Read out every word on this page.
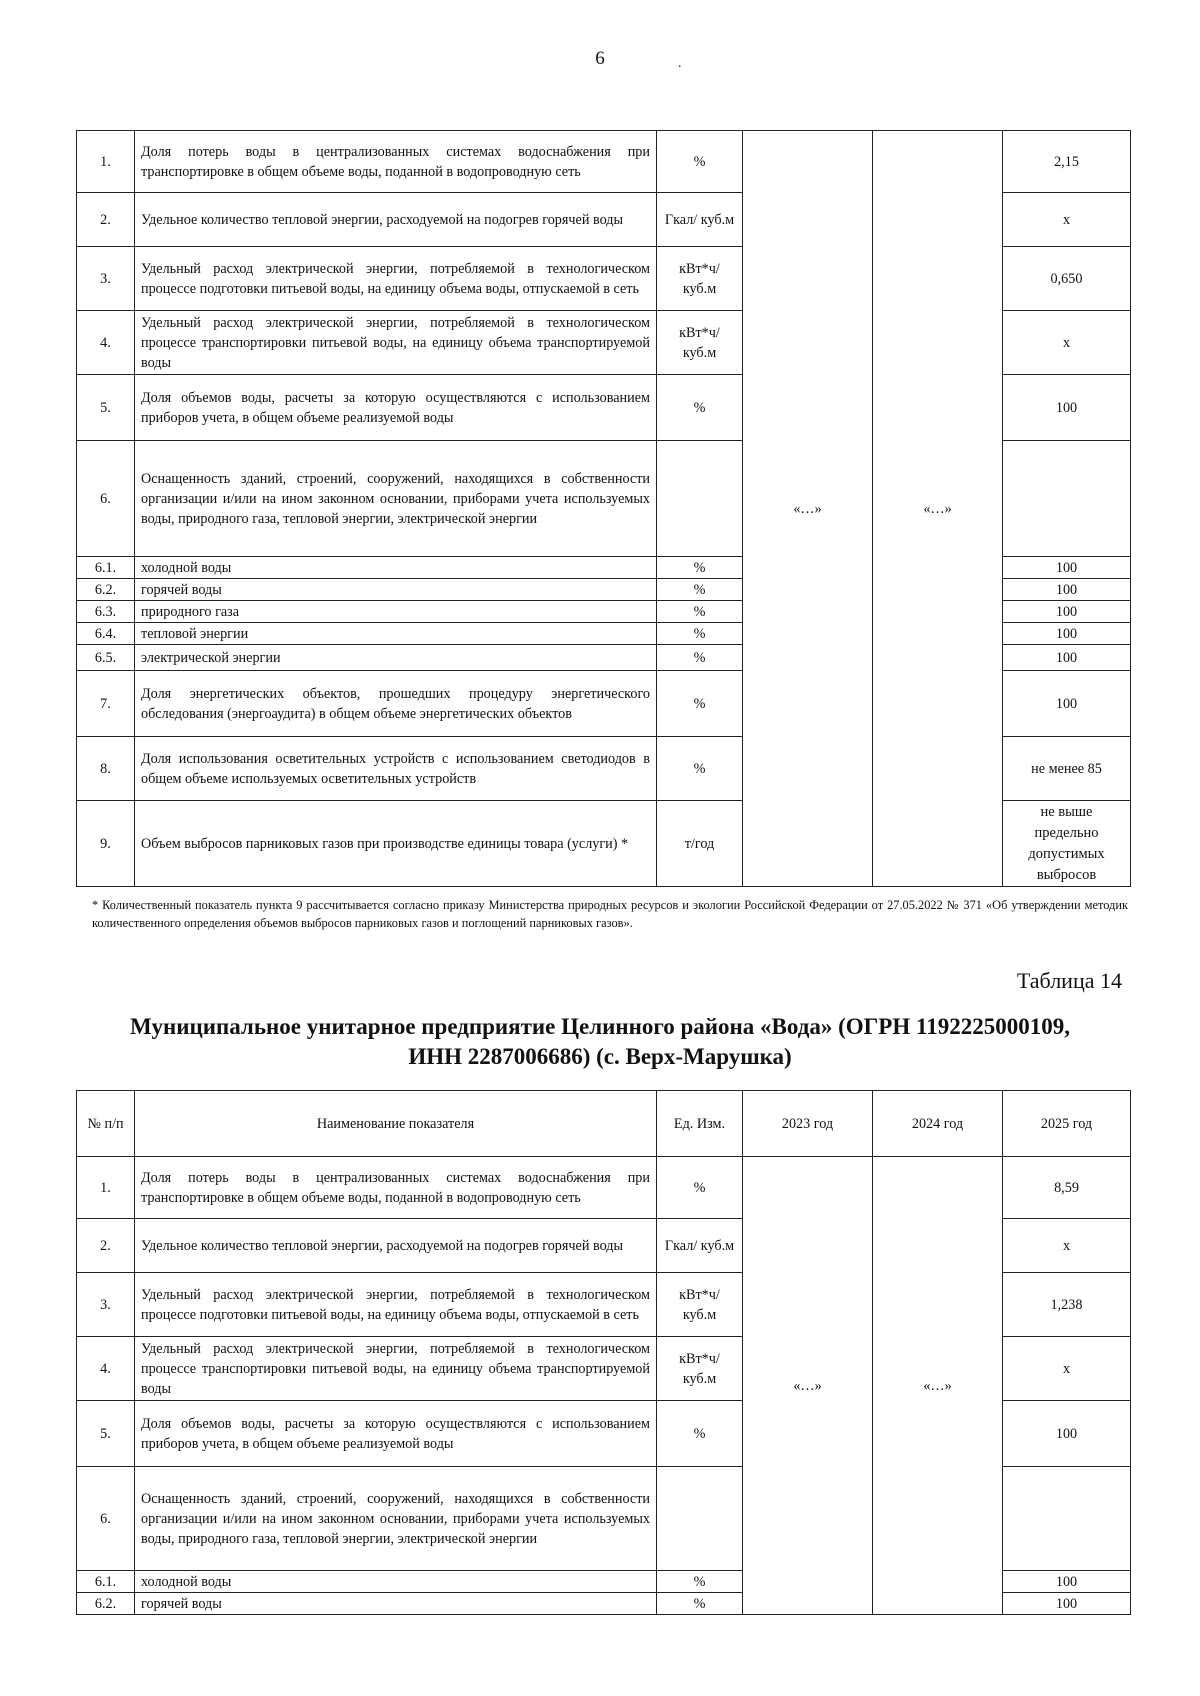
6	.
1.	Доля потерь воды в централизованных системах водоснабжения при транспортировке в общем объеме воды, поданной в водопроводную сеть	%	«…»	«…»	2,15
2.	Удельное количество тепловой энергии, расходуемой на подогрев горячей воды	Гкал/ куб.м			х
3.	Удельный расход электрической энергии, потребляемой в технологическом процессе подготовки питьевой воды, на единицу объема воды, отпускаемой в сеть	кВт*ч/ куб.м			0,650
4.	Удельный расход электрической энергии, потребляемой в технологическом процессе транспортировки питьевой воды, на единицу объема транспортируемой воды	кВт*ч/ куб.м			х
5.	Доля объемов воды, расчеты за которую осуществляются с использованием приборов учета, в общем объеме реализуемой воды	%			100
6.	Оснащенность зданий, строений, сооружений, находящихся в собственности организации и/или на ином законном основании, приборами учета используемых воды, природного газа, тепловой энергии, электрической энергии				
6.1.	холодной воды	%			100
6.2.	горячей воды	%			100
6.3.	природного газа	%			100
6.4.	тепловой энергии	%			100
6.5.	электрической энергии	%			100
7.	Доля энергетических объектов, прошедших процедуру энергетического обследования (энергоаудита) в общем объеме энергетических объектов	%			100
8.	Доля использования осветительных устройств с использованием светодиодов в общем объеме используемых осветительных устройств	%			не менее 85
9.	Объем выбросов парниковых газов при производстве единицы товара (услуги) *	т/год			не выше предельно допустимых выбросов
* Количественный показатель пункта 9 рассчитывается согласно приказу Министерства природных ресурсов и экологии Российской Федерации от 27.05.2022 № 371 «Об утверждении методик количественного определения объемов выбросов парниковых газов и поглощений парниковых газов».
Таблица 14
Муниципальное унитарное предприятие Целинного района «Вода» (ОГРН 1192225000109,
ИНН 2287006686) (с. Верх-Марушка)
№ п/п	Наименование показателя	Ед. Изм.	2023 год	2024 год	2025 год
1.	Доля потерь воды в централизованных системах водоснабжения при транспортировке в общем объеме воды, поданной в водопроводную сеть	%	«…»	«…»	8,59
2.	Удельное количество тепловой энергии, расходуемой на подогрев горячей воды	Гкал/ куб.м			х
3.	Удельный расход электрической энергии, потребляемой в технологическом процессе подготовки питьевой воды, на единицу объема воды, отпускаемой в сеть	кВт*ч/ куб.м			1,238
4.	Удельный расход электрической энергии, потребляемой в технологическом процессе транспортировки питьевой воды, на единицу объема транспортируемой воды	кВт*ч/ куб.м			х
5.	Доля объемов воды, расчеты за которую осуществляются с использованием приборов учета, в общем объеме реализуемой воды	%			100
6.	Оснащенность зданий, строений, сооружений, находящихся в собственности организации и/или на ином законном основании, приборами учета используемых воды, природного газа, тепловой энергии, электрической энергии				
6.1.	холодной воды	%			100
6.2.	горячей воды	%			100
